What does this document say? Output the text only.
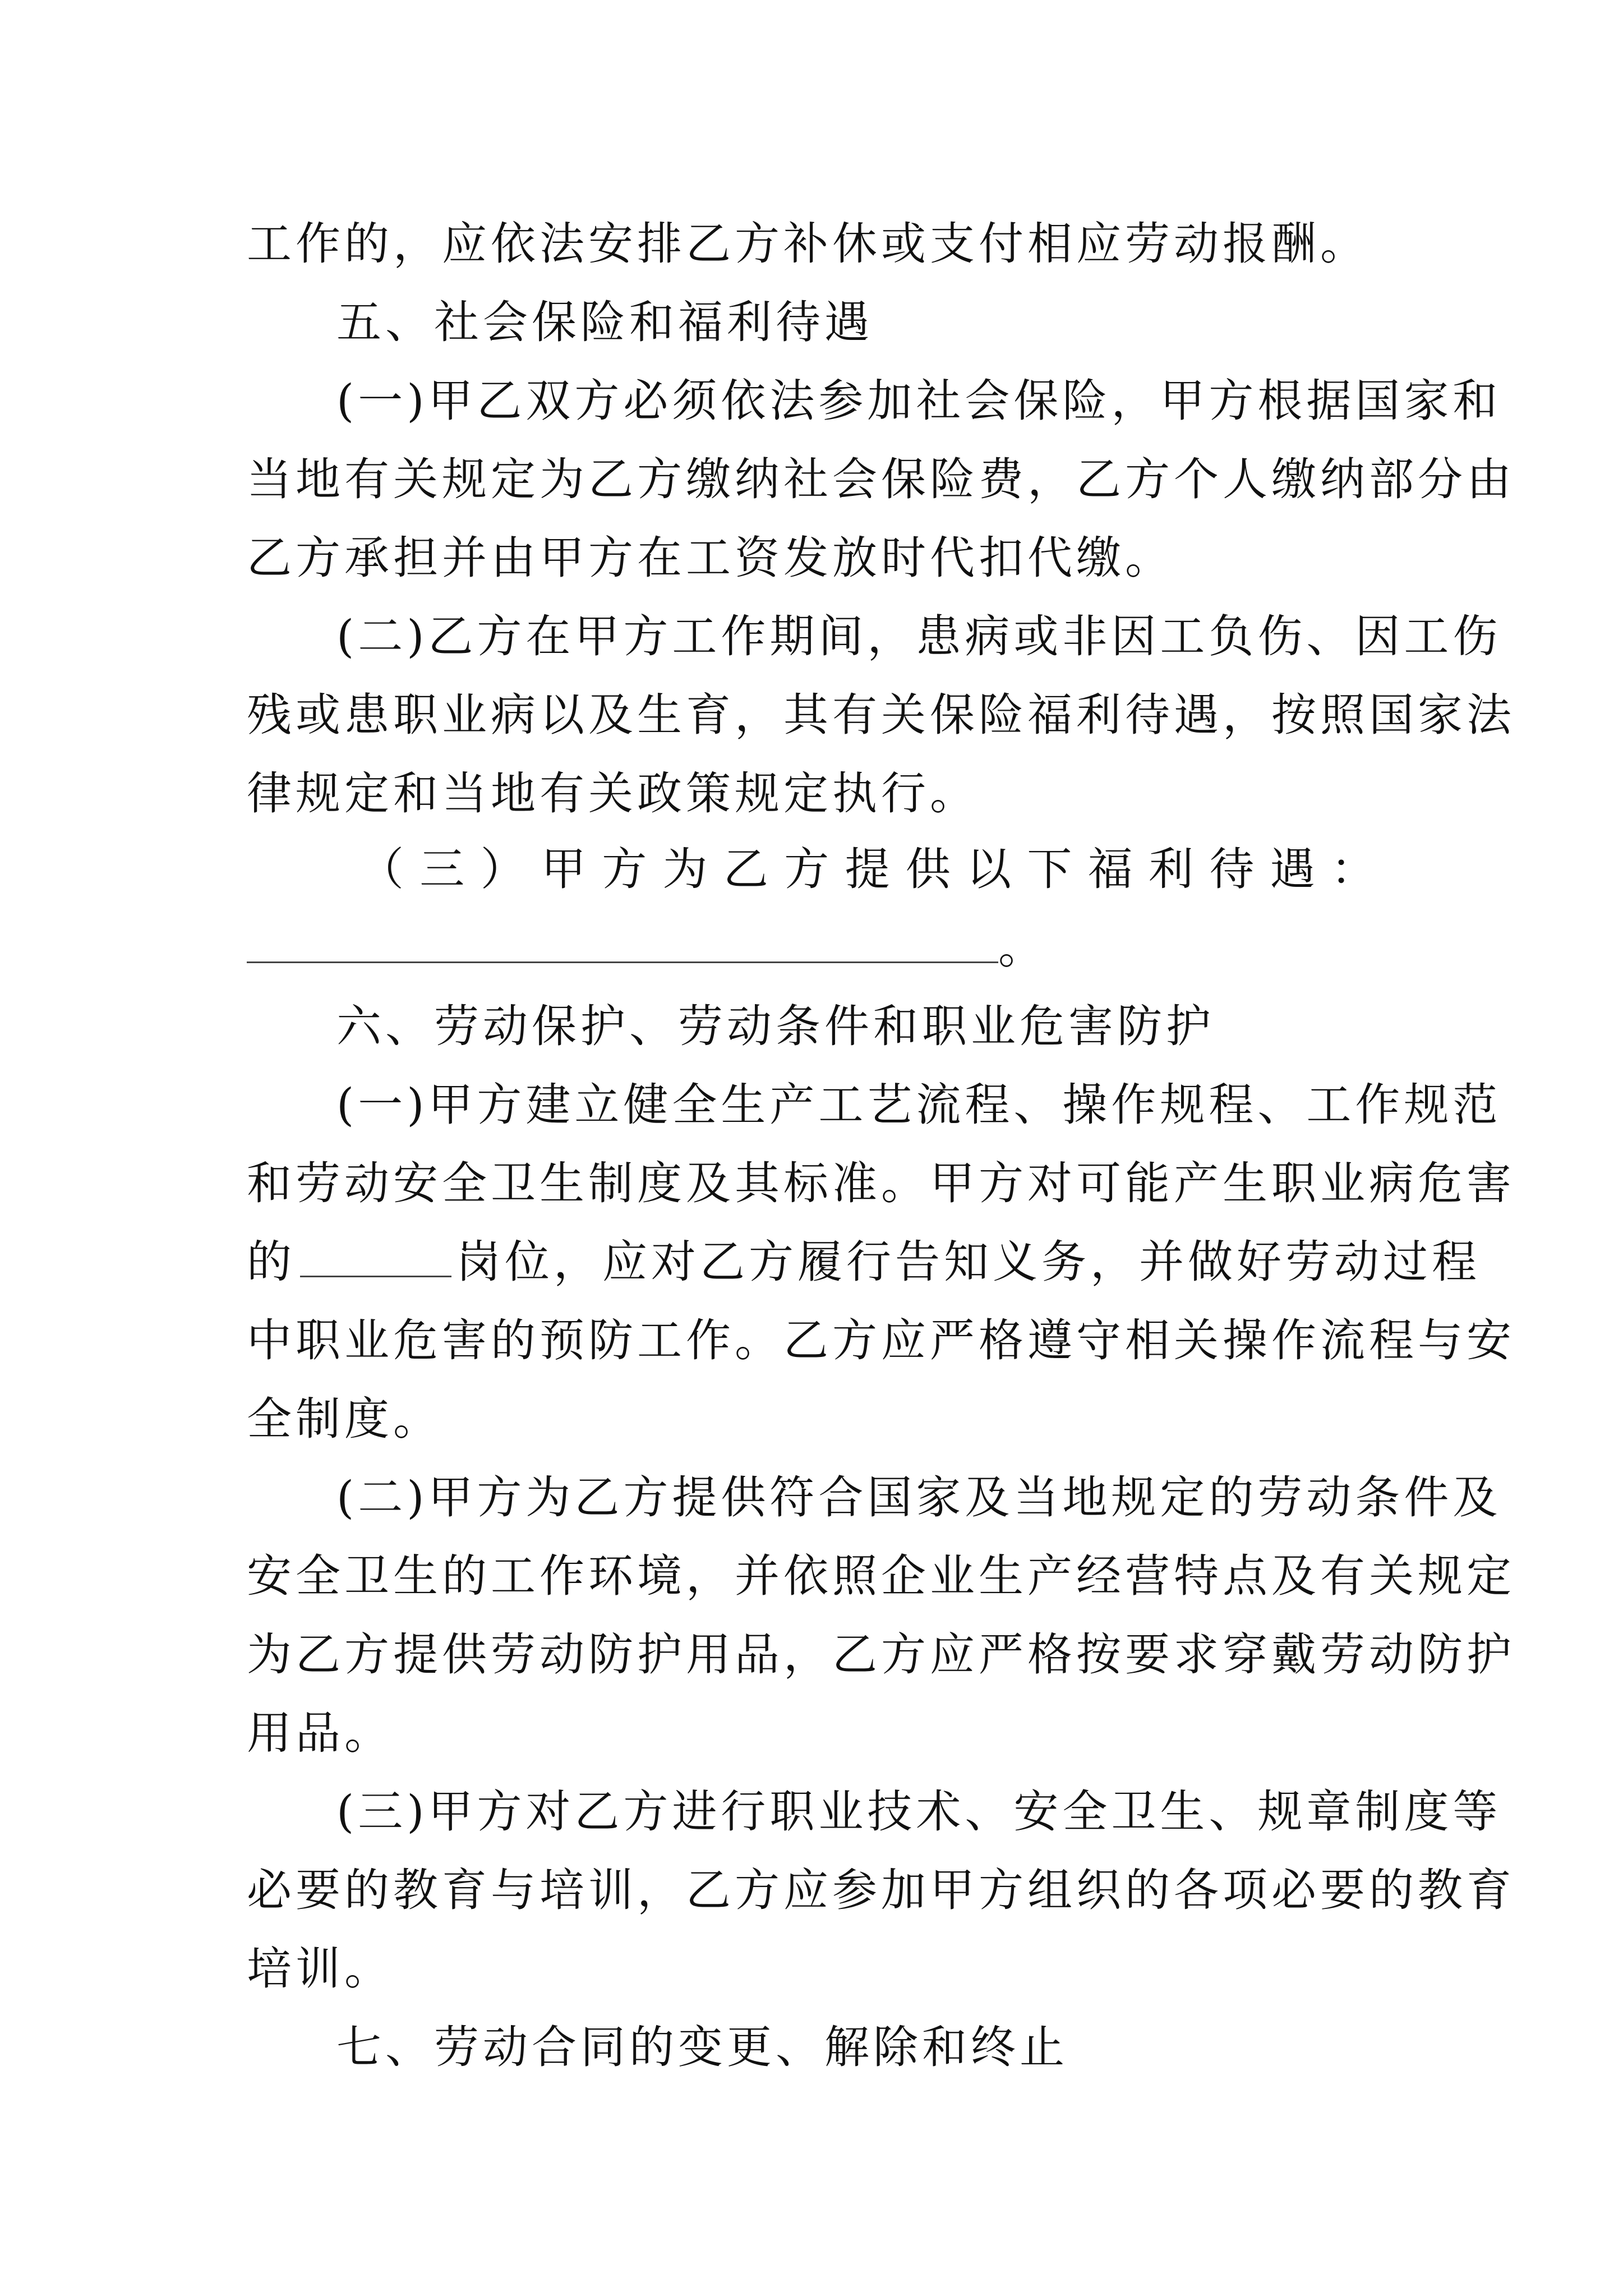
工作的，应依法安排乙方补休或支付相应劳动报酬。
五、社会保险和福利待遇
(一)甲乙双方必须依法参加社会保险，甲方根据国家和
当地有关规定为乙方缴纳社会保险费，乙方个人缴纳部分由
乙方承担并由甲方在工资发放时代扣代缴。
(二)乙方在甲方工作期间，患病或非因工负伤、因工伤
残或患职业病以及生育，其有关保险福利待遇，按照国家法
律规定和当地有关政策规定执行。
（三）甲方为乙方提供以下福利待遇：
。
六、劳动保护、劳动条件和职业危害防护
(一)甲方建立健全生产工艺流程、操作规程、工作规范
和劳动安全卫生制度及其标准。甲方对可能产生职业病危害
的	岗位，应对乙方履行告知义务，并做好劳动过程
中职业危害的预防工作。乙方应严格遵守相关操作流程与安
全制度。
(二)甲方为乙方提供符合国家及当地规定的劳动条件及
安全卫生的工作环境，并依照企业生产经营特点及有关规定
为乙方提供劳动防护用品，乙方应严格按要求穿戴劳动防护
用品。
(三)甲方对乙方进行职业技术、安全卫生、规章制度等
必要的教育与培训，乙方应参加甲方组织的各项必要的教育
培训。
七、劳动合同的变更、解除和终止
